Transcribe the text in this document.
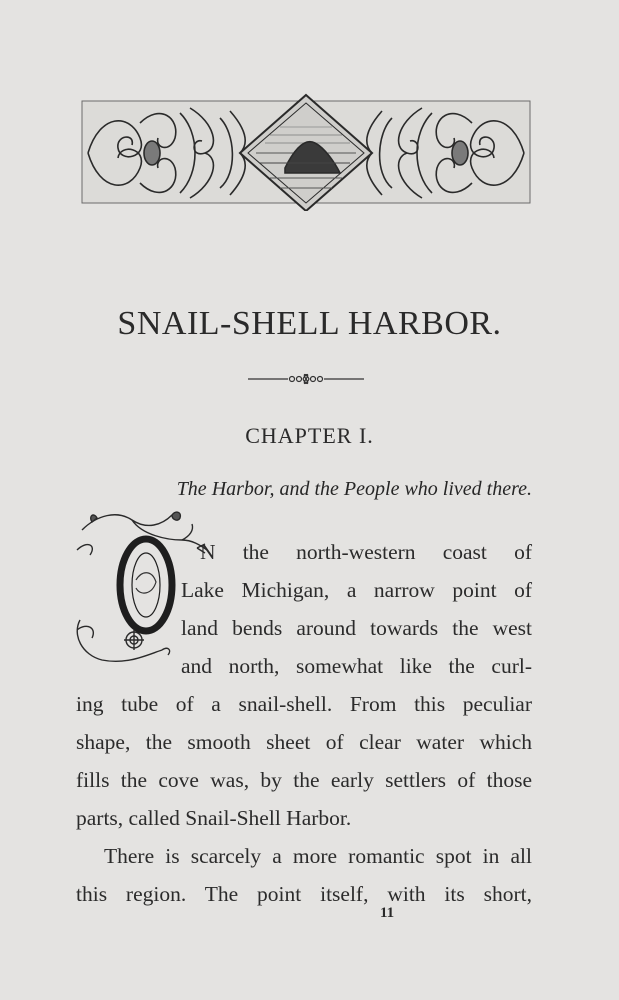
SNAIL-SHELL HARBOR.
CHAPTER I.
The Harbor, and the People who lived there.
O
N the north-western coast of
Lake Michigan, a narrow point of
land bends around towards the west
and north, somewhat like the curl-
ing tube of a snail-shell. From this peculiar
shape, the smooth sheet of clear water which
fills the cove was, by the early settlers of those
parts, called Snail-Shell Harbor.
There is scarcely a more romantic spot in all
this region. The point itself, with its short,
11
